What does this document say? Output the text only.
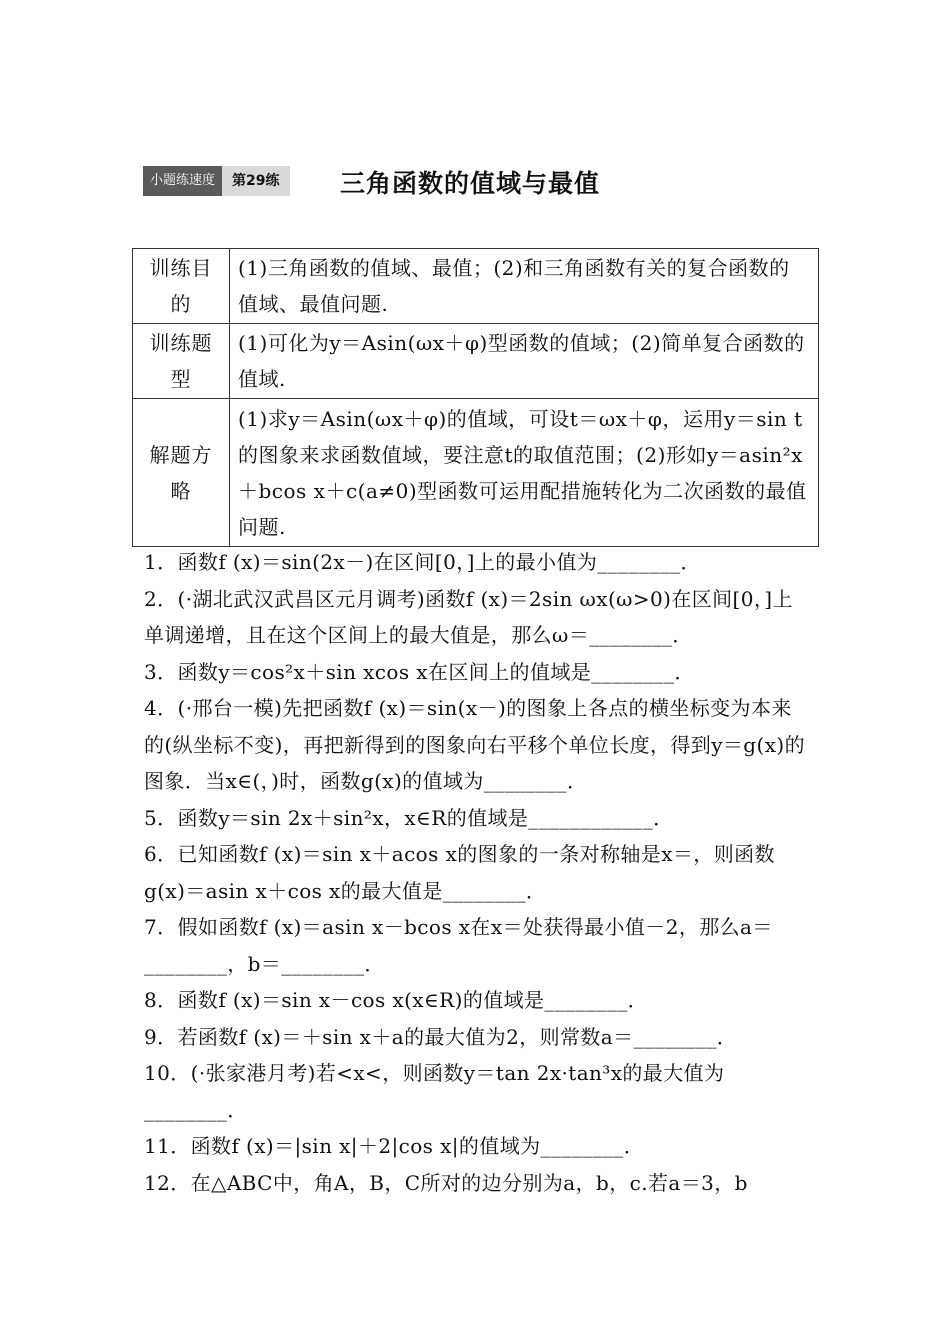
小题练速度	第29练	三角函数的值域与最值
训练目的	(1)三角函数的值域、最值；(2)和三角函数有关的复合函数的值域、最值问题.

训练题型	(1)可化为y＝Asin(ωx＋φ)型函数的值域；(2)简单复合函数的值域.

解题方略	(1)求y＝Asin(ωx＋φ)的值域，可设t＝ωx＋φ，运用y＝sin t的图象来求函数值域，要注意t的取值范围；(2)形如y＝asin²x＋bcos x＋c(a≠0)型函数可运用配措施转化为二次函数的最值问题.
1．函数f (x)＝sin(2x－)在区间[0，]上的最小值为________．
2．(·湖北武汉武昌区元月调考)函数f (x)＝2sin ωx(ω>0)在区间[0，]上单调递增，且在这个区间上的最大值是，那么ω＝________．
3．函数y＝cos²x＋sin xcos x在区间上的值域是________．
4．(·邢台一模)先把函数f (x)＝sin(x－)的图象上各点的横坐标变为本来的(纵坐标不变)，再把新得到的图象向右平移个单位长度，得到y＝g(x)的图象．当x∈(，)时，函数g(x)的值域为________．
5．函数y＝sin 2x＋sin²x，x∈R的值域是____________．
6．已知函数f (x)＝sin x＋acos x的图象的一条对称轴是x＝，则函数g(x)＝asin x＋cos x的最大值是________．
7．假如函数f (x)＝asin x－bcos x在x＝处获得最小值－2，那么a＝________，b＝________．
8．函数f (x)＝sin x－cos x(x∈R)的值域是________．
9．若函数f (x)＝＋sin x＋a的最大值为2，则常数a＝________．
10．(·张家港月考)若<x<，则函数y＝tan 2x·tan³x的最大值为________．
11．函数f (x)＝|sin x|＋2|cos x|的值域为________．
12．在△ABC中，角A，B，C所对的边分别为a，b，c.若a＝3，b
